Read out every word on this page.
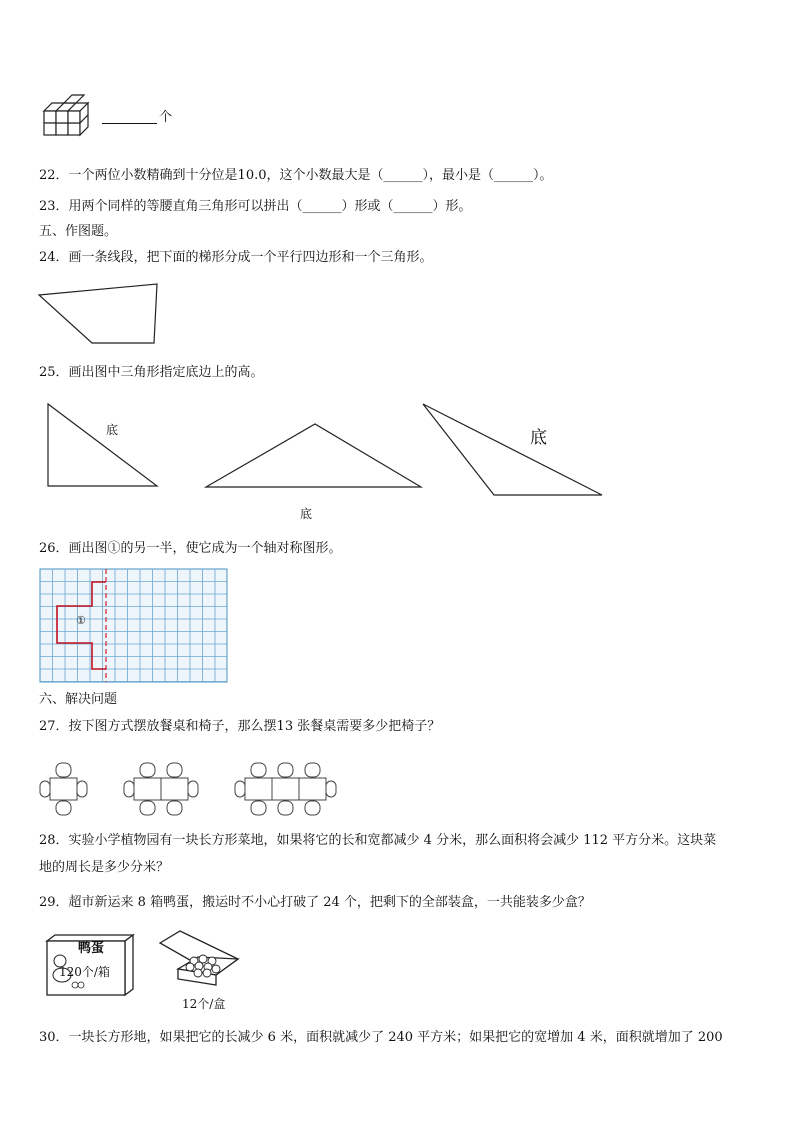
个
22．一个两位小数精确到十分位是10.0，这个小数最大是（______），最小是（______）。
23．用两个同样的等腰直角三角形可以拼出（______）形或（______）形。
五、作图题。
24．画一条线段，把下面的梯形分成一个平行四边形和一个三角形。
25．画出图中三角形指定底边上的高。
底
底
底
26．画出图①的另一半，使它成为一个轴对称图形。
①
六、解决问题
27．按下图方式摆放餐桌和椅子，那么摆13 张餐桌需要多少把椅子？
28．实验小学植物园有一块长方形菜地，如果将它的长和宽都减少 4 分米，那么面积将会减少 112 平方分米。这块菜
地的周长是多少分米？
29．超市新运来 8 箱鸭蛋，搬运时不小心打破了 24 个，把剩下的全部装盒，一共能装多少盒？
鸭蛋
120个/箱
12个/盒
30．一块长方形地，如果把它的长减少 6 米，面积就减少了 240 平方米；如果把它的宽增加 4 米，面积就增加了 200
